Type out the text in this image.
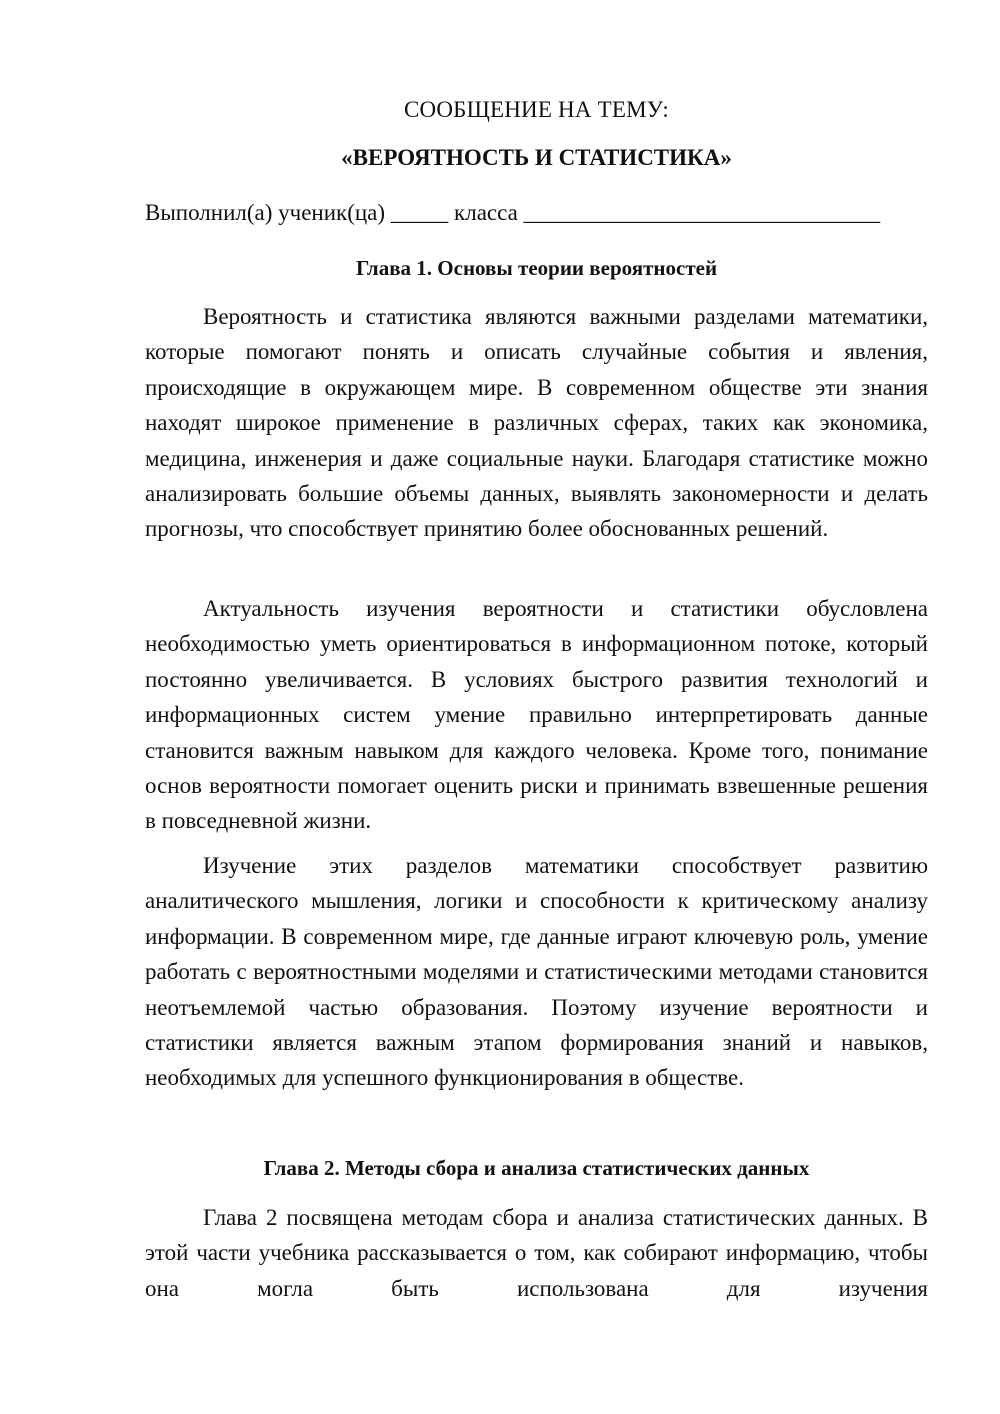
СООБЩЕНИЕ НА ТЕМУ:

«ВЕРОЯТНОСТЬ И СТАТИСТИКА»

Выполнил(а) ученик(ца) _____ класса _______________________________

Глава 1. Основы теории вероятностей

Вероятность и статистика являются важными разделами математики, которые помогают понять и описать случайные события и явления, происходящие в окружающем мире. В современном обществе эти знания находят широкое применение в различных сферах, таких как экономика, медицина, инженерия и даже социальные науки. Благодаря статистике можно анализировать большие объемы данных, выявлять закономерности и делать прогнозы, что способствует принятию более обоснованных решений.

Актуальность изучения вероятности и статистики обусловлена необходимостью уметь ориентироваться в информационном потоке, который постоянно увеличивается. В условиях быстрого развития технологий и информационных систем умение правильно интерпретировать данные становится важным навыком для каждого человека. Кроме того, понимание основ вероятности помогает оценить риски и принимать взвешенные решения в повседневной жизни.

Изучение этих разделов математики способствует развитию аналитического мышления, логики и способности к критическому анализу информации. В современном мире, где данные играют ключевую роль, умение работать с вероятностными моделями и статистическими методами становится неотъемлемой частью образования. Поэтому изучение вероятности и статистики является важным этапом формирования знаний и навыков, необходимых для успешного функционирования в обществе.

Глава 2. Методы сбора и анализа статистических данных

Глава 2 посвящена методам сбора и анализа статистических данных. В этой части учебника рассказывается о том, как собирают информацию, чтобы она могла быть использована для изучения
